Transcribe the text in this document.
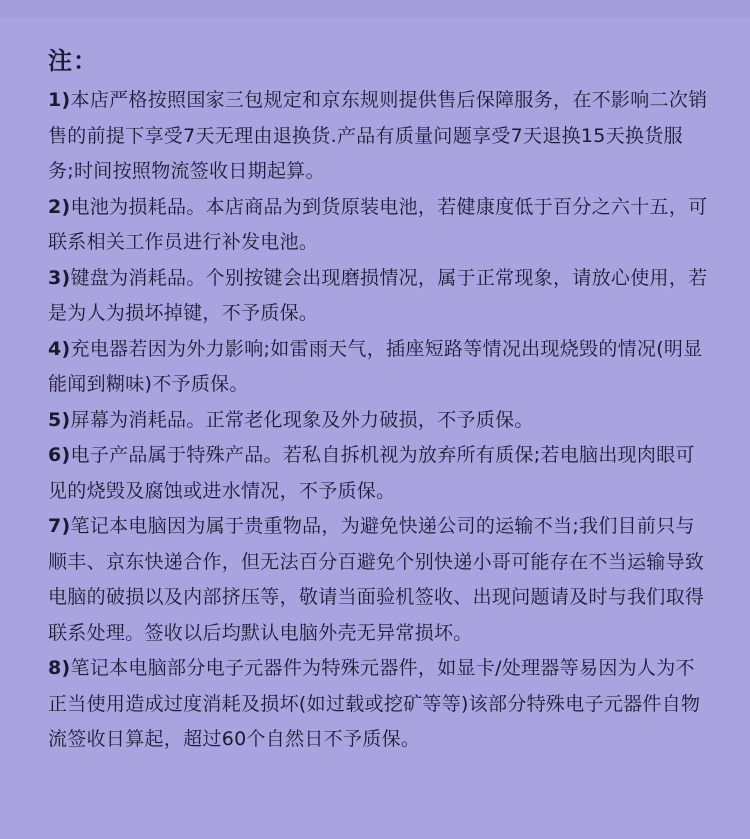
注：
1)本店严格按照国家三包规定和京东规则提供售后保障服务，在不影响二次销售的前提下享受7天无理由退换货.产品有质量问题享受7天退换15天换货服务;时间按照物流签收日期起算。
2)电池为损耗品。本店商品为到货原装电池，若健康度低于百分之六十五，可联系相关工作员进行补发电池。
3)键盘为消耗品。个别按键会出现磨损情况，属于正常现象，请放心使用，若是为人为损坏掉键，不予质保。
4)充电器若因为外力影响;如雷雨天气，插座短路等情况出现烧毁的情况(明显能闻到糊味)不予质保。
5)屏幕为消耗品。正常老化现象及外力破损，不予质保。
6)电子产品属于特殊产品。若私自拆机视为放弃所有质保;若电脑出现肉眼可见的烧毁及腐蚀或进水情况，不予质保。
7)笔记本电脑因为属于贵重物品，为避免快递公司的运输不当;我们目前只与顺丰、京东快递合作，但无法百分百避免个别快递小哥可能存在不当运输导致电脑的破损以及内部挤压等，敬请当面验机签收、出现问题请及时与我们取得联系处理。签收以后均默认电脑外壳无异常损坏。
8)笔记本电脑部分电子元器件为特殊元器件，如显卡/处理器等易因为人为不正当使用造成过度消耗及损坏(如过载或挖矿等等)该部分特殊电子元器件自物流签收日算起，超过60个自然日不予质保。
